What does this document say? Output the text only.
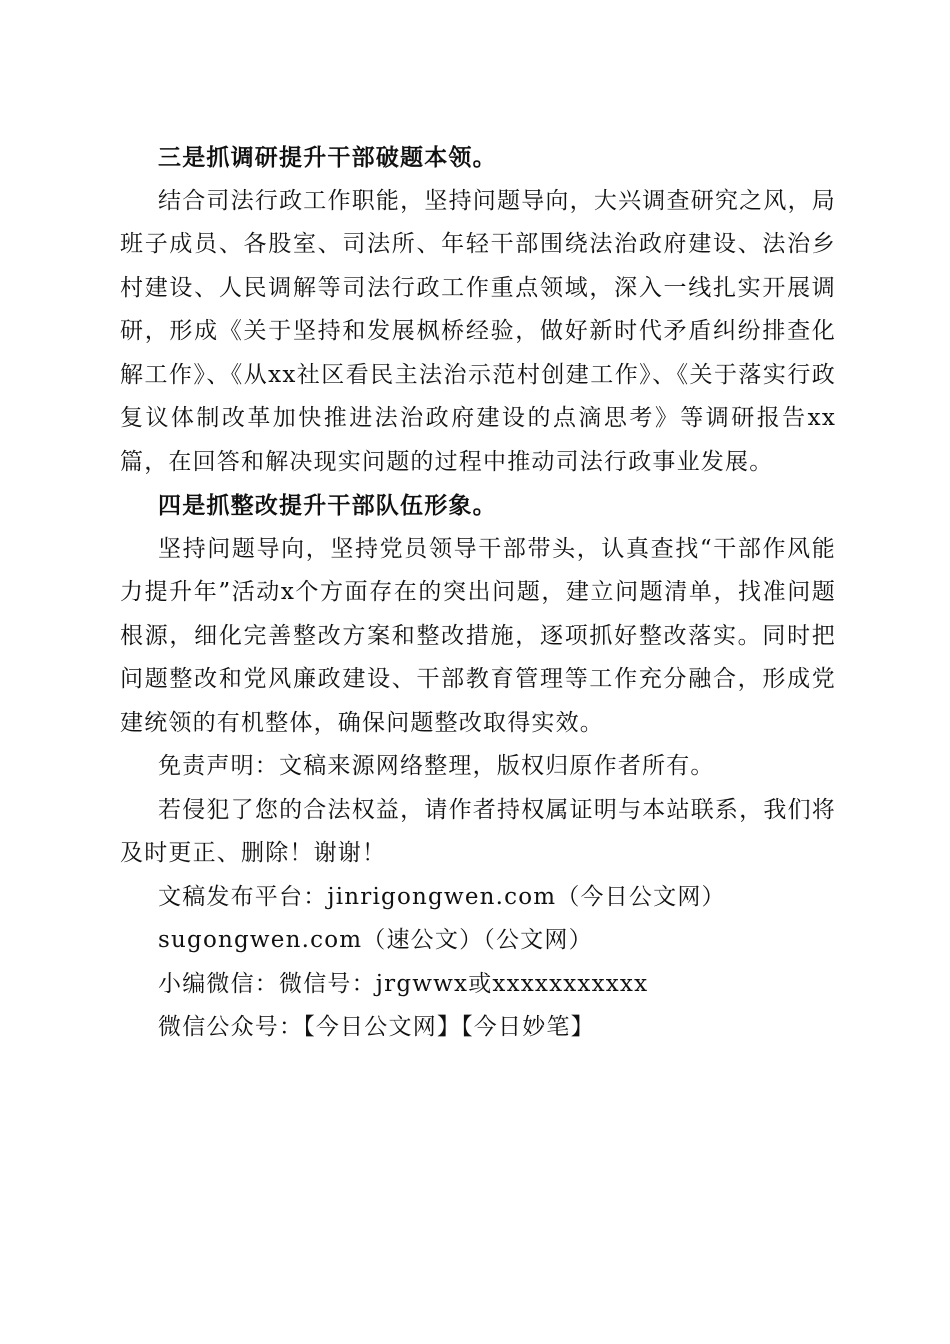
三是抓调研提升干部破题本领。

结合司法行政工作职能，坚持问题导向，大兴调查研究之风，局班子成员、各股室、司法所、年轻干部围绕法治政府建设、法治乡村建设、人民调解等司法行政工作重点领域，深入一线扎实开展调研，形成《关于坚持和发展枫桥经验，做好新时代矛盾纠纷排查化解工作》、《从xx社区看民主法治示范村创建工作》、《关于落实行政复议体制改革加快推进法治政府建设的点滴思考》等调研报告xx篇，在回答和解决现实问题的过程中推动司法行政事业发展。

四是抓整改提升干部队伍形象。

坚持问题导向，坚持党员领导干部带头，认真查找“干部作风能力提升年”活动x个方面存在的突出问题，建立问题清单，找准问题根源，细化完善整改方案和整改措施，逐项抓好整改落实。同时把问题整改和党风廉政建设、干部教育管理等工作充分融合，形成党建统领的有机整体，确保问题整改取得实效。

免责声明：文稿来源网络整理，版权归原作者所有。

若侵犯了您的合法权益，请作者持权属证明与本站联系，我们将及时更正、删除！谢谢！

文稿发布平台：jinrigongwen.com（今日公文网）

sugongwen.com（速公文）（公文网）

小编微信：微信号：jrgwwx或xxxxxxxxxxx

微信公众号：【今日公文网】【今日妙笔】
